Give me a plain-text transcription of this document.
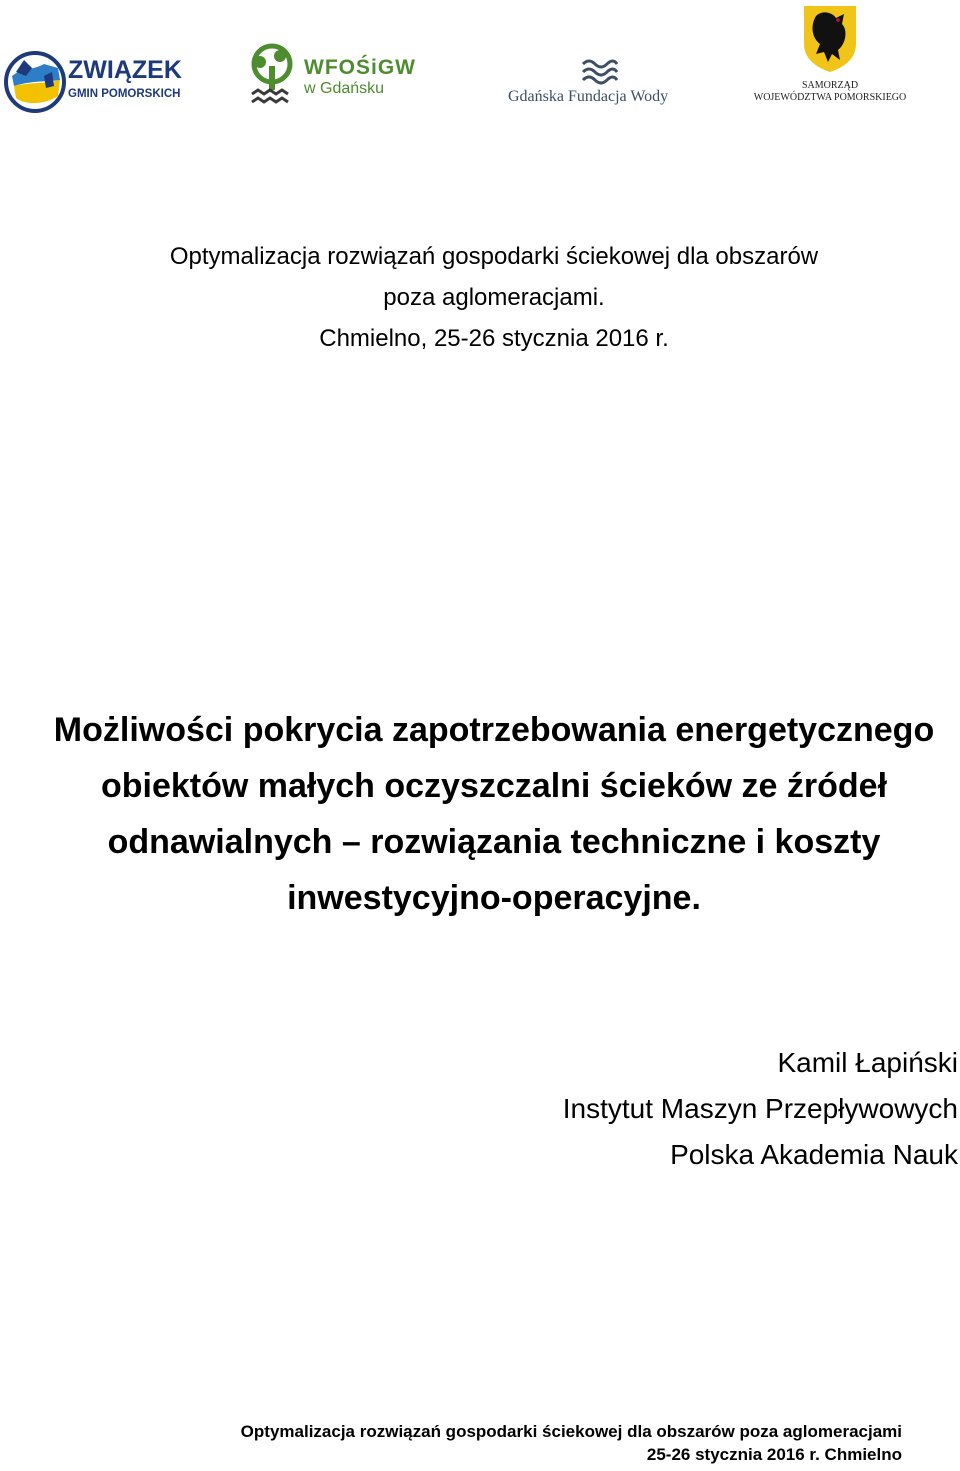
ZWIĄZEK
GMIN POMORSKICH
WFOŚiGW
w Gdańsku	Gdańska Fundacja Wody
SAMORZĄD
WOJEWÓDZTWA POMORSKIEGO
Optymalizacja rozwiązań gospodarki ściekowej dla obszarów
poza aglomeracjami.
Chmielno, 25-26 stycznia 2016 r.
Możliwości pokrycia zapotrzebowania energetycznego
obiektów małych oczyszczalni ścieków ze źródeł
odnawialnych – rozwiązania techniczne i koszty
inwestycyjno-operacyjne.
Kamil Łapiński
Instytut Maszyn Przepływowych
Polska Akademia Nauk
Optymalizacja rozwiązań gospodarki ściekowej dla obszarów poza aglomeracjami
25-26 stycznia 2016 r. Chmielno
